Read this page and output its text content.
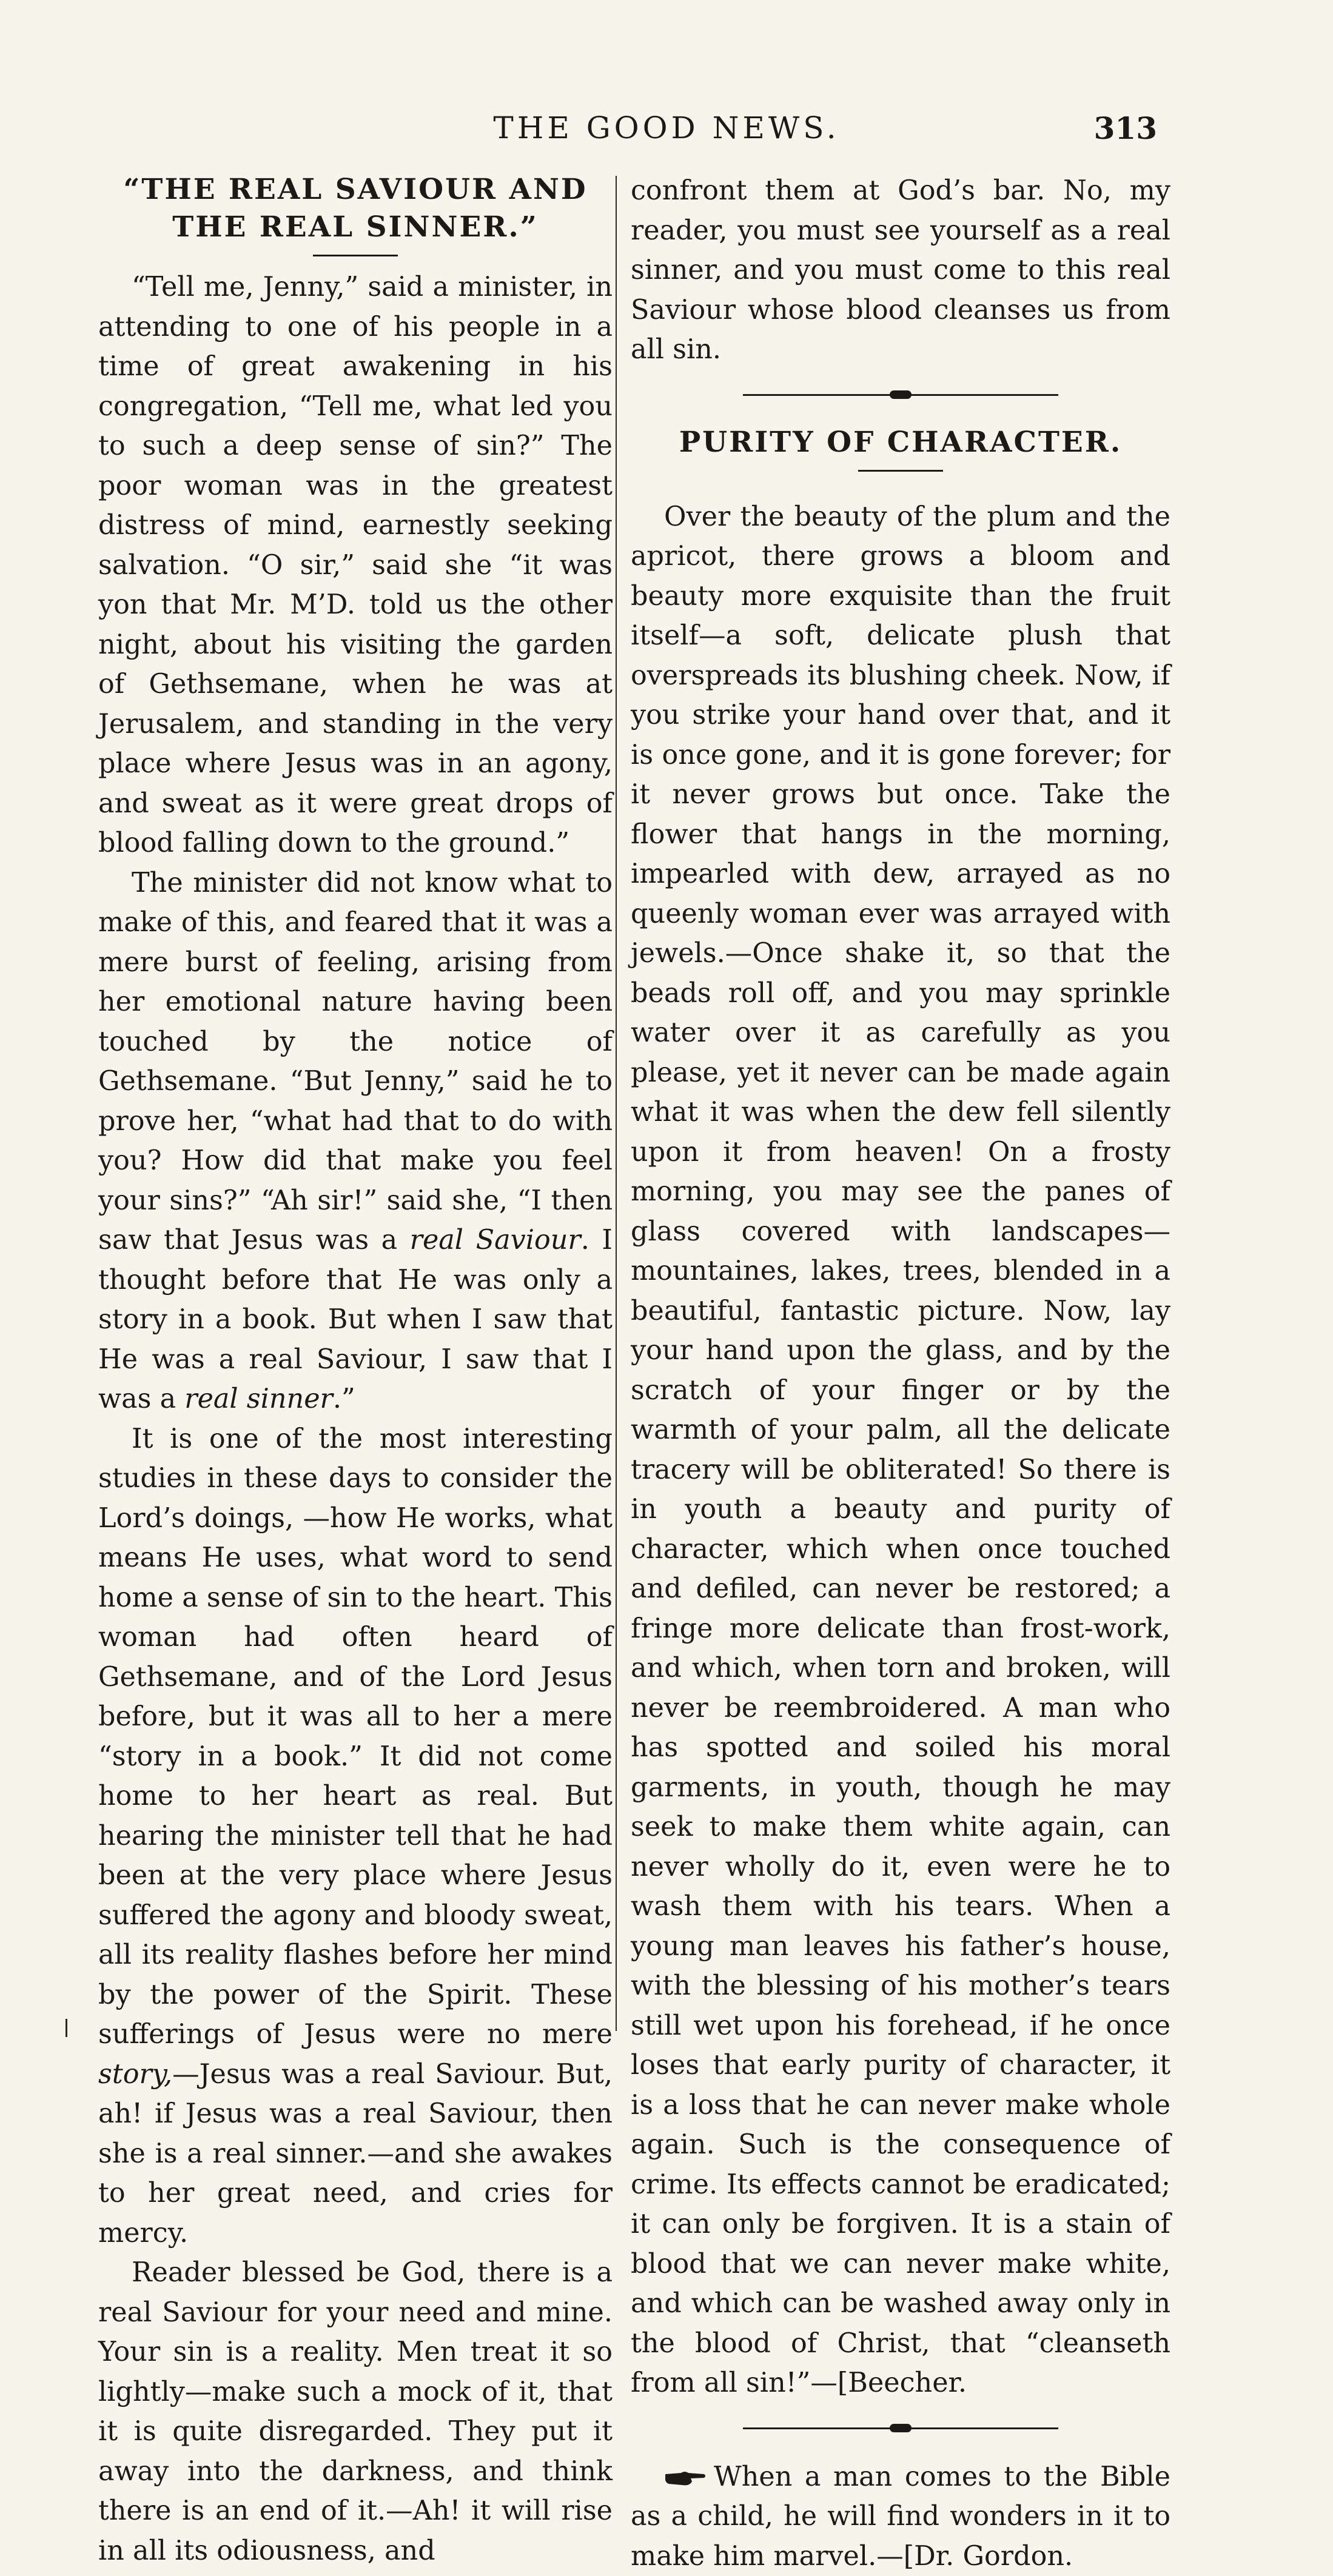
THE GOOD NEWS.	313
“THE REAL SAVIOUR AND THE REAL SINNER.”

“Tell me, Jenny,” said a minister, in attending to one of his people in a time of great awakening in his congregation, “Tell me, what led you to such a deep sense of sin?” The poor woman was in the greatest distress of mind, earnestly seeking salvation. “O sir,” said she “it was yon that Mr. M’D. told us the other night, about his visiting the garden of Gethsemane, when he was at Jerusalem, and standing in the very place where Jesus was in an agony, and sweat as it were great drops of blood falling down to the ground.”

The minister did not know what to make of this, and feared that it was a mere burst of feeling, arising from her emotional nature having been touched by the notice of Gethsemane. “But Jenny,” said he to prove her, “what had that to do with you? How did that make you feel your sins?” “Ah sir!” said she, “I then saw that Jesus was a real Saviour. I thought before that He was only a story in a book. But when I saw that He was a real Saviour, I saw that I was a real sinner.”

It is one of the most interesting studies in these days to consider the Lord’s doings, —how He works, what means He uses, what word to send home a sense of sin to the heart. This woman had often heard of Gethsemane, and of the Lord Jesus before, but it was all to her a mere “story in a book.” It did not come home to her heart as real. But hearing the minister tell that he had been at the very place where Jesus suffered the agony and bloody sweat, all its reality flashes before her mind by the power of the Spirit. These sufferings of Jesus were no mere story,—Jesus was a real Saviour. But, ah! if Jesus was a real Saviour, then she is a real sinner.—and she awakes to her great need, and cries for mercy.

Reader blessed be God, there is a real Saviour for your need and mine. Your sin is a reality. Men treat it so lightly—make such a mock of it, that it is quite disregarded. They put it away into the darkness, and think there is an end of it.—Ah! it will rise in all its odiousness, and

confront them at God’s bar. No, my reader, you must see yourself as a real sinner, and you must come to this real Saviour whose blood cleanses us from all sin.

PURITY OF CHARACTER.

Over the beauty of the plum and the apricot, there grows a bloom and beauty more exquisite than the fruit itself—a soft, delicate plush that overspreads its blushing cheek. Now, if you strike your hand over that, and it is once gone, and it is gone forever; for it never grows but once. Take the flower that hangs in the morning, impearled with dew, arrayed as no queenly woman ever was arrayed with jewels.—Once shake it, so that the beads roll off, and you may sprinkle water over it as carefully as you please, yet it never can be made again what it was when the dew fell silently upon it from heaven! On a frosty morning, you may see the panes of glass covered with landscapes—mountaines, lakes, trees, blended in a beautiful, fantastic picture. Now, lay your hand upon the glass, and by the scratch of your finger or by the warmth of your palm, all the delicate tracery will be obliterated! So there is in youth a beauty and purity of character, which when once touched and defiled, can never be restored; a fringe more delicate than frost-work, and which, when torn and broken, will never be reembroidered. A man who has spotted and soiled his moral garments, in youth, though he may seek to make them white again, can never wholly do it, even were he to wash them with his tears. When a young man leaves his father’s house, with the blessing of his mother’s tears still wet upon his forehead, if he once loses that early purity of character, it is a loss that he can never make whole again. Such is the consequence of crime. Its effects cannot be eradicated; it can only be forgiven. It is a stain of blood that we can never make white, and which can be washed away only in the blood of Christ, that “cleanseth from all sin!”—[Beecher.

When a man comes to the Bible as a child, he will find wonders in it to make him marvel.—[Dr. Gordon.
